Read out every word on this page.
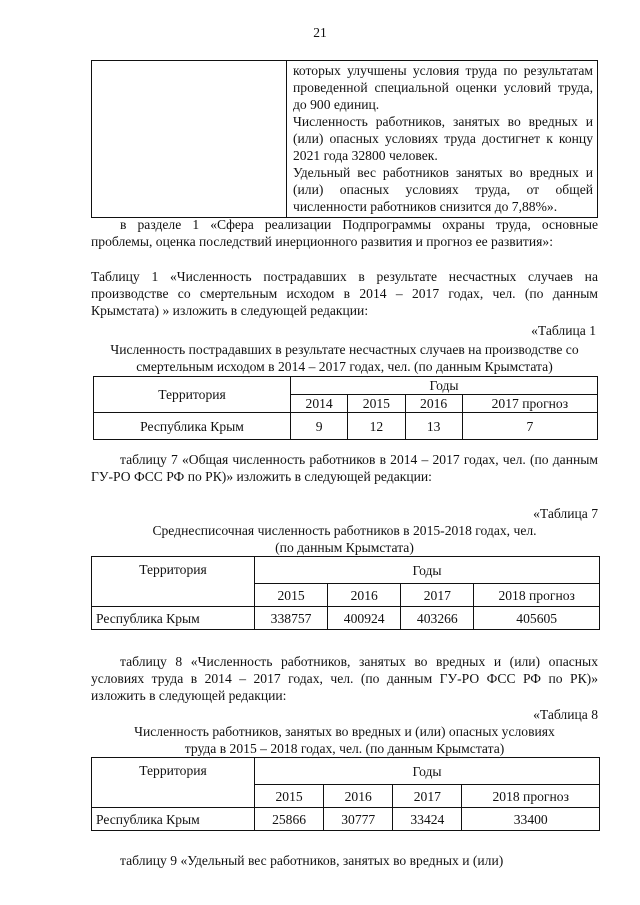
21

которых улучшены условия труда по результатам проведенной специальной оценки условий труда, до 900 единиц.

Численность работников, занятых во вредных и (или) опасных условиях труда достигнет к концу 2021 года 32800 человек.

Удельный вес работников занятых во вредных и (или) опасных условиях труда, от общей численности работников снизится до 7,88%».

в разделе 1 «Сфера реализации Подпрограммы охраны труда, основные проблемы, оценка последствий инерционного развития и прогноз ее развития»:

Таблицу 1 «Численность пострадавших в результате несчастных случаев на производстве со смертельным исходом в 2014 – 2017 годах, чел. (по данным Крымстата) » изложить в следующей редакции:

«Таблица 1

Численность пострадавших в результате несчастных случаев на производстве со смертельным исходом в 2014 – 2017 годах, чел. (по данным Крымстата)

Территория	Годы			
	2014	2015	2016	2017 прогноз
Республика Крым	9	12	13	7

таблицу 7 «Общая численность работников в 2014 – 2017 годах, чел. (по данным ГУ-РО ФСС РФ по РК)» изложить в следующей редакции:

«Таблица 7

Среднесписочная численность работников в 2015-2018 годах, чел.

(по данным Крымстата)

Территория	Годы			
	2015	2016	2017	2018 прогноз
Республика Крым	338757	400924	403266	405605

таблицу 8 «Численность работников, занятых во вредных и (или) опасных условиях труда в 2014 – 2017 годах, чел. (по данным ГУ-РО ФСС РФ по РК)» изложить в следующей редакции:

«Таблица 8

Численность работников, занятых во вредных и (или) опасных условиях

труда в 2015 – 2018 годах, чел. (по данным Крымстата)

Территория	Годы			
	2015	2016	2017	2018 прогноз
Республика Крым	25866	30777	33424	33400

таблицу 9 «Удельный вес работников, занятых во вредных и (или)
